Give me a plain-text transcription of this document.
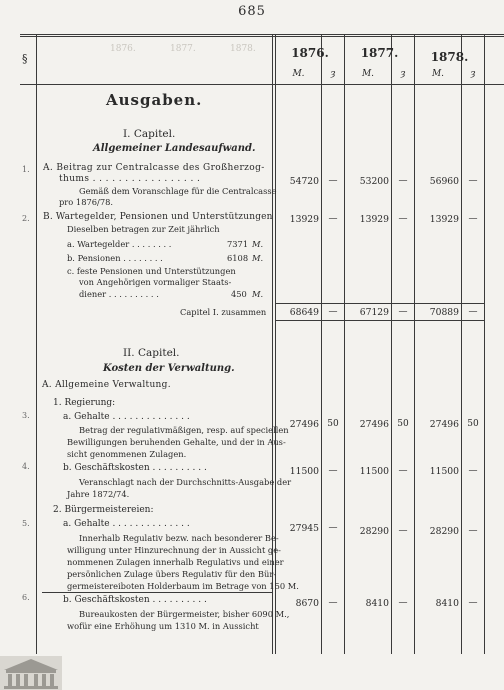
685
§
1876.	1877.	1878.	1876.	1877.	1878.
M.	ȝ	M.	ȝ	M.	ȝ
Ausgaben.
I. Capitel.
Allgemeiner Landesaufwand.
1. A. Beitrag zur Centralcasse des Großherzog-
thums . . . . . . . . . . . . . . . . .
Gemäß dem Voranschlage für die Centralcasse
pro 1876/78.
54720	—	53200	—	56960	—
2. B. Wartegelder, Pensionen und Unterstützungen
Dieselben betragen zur Zeit jährlich
a. Wartegelder . . . . . . . .	7371 M.
b. Pensionen . . . . . . . .	6108 M.
c. feste Pensionen und Unterstützungen
von Angehörigen vormaliger Staats-
diener . . . . . . . . . .	450 M.
13929	—	13929	—	13929	—
Capitel I. zusammen	68649	—	67129	—	70889	—
II. Capitel.
Kosten der Verwaltung.
A. Allgemeine Verwaltung.
1. Regierung:
3.	a. Gehalte . . . . . . . . . . . . . .
Betrag der regulativmäßigen, resp. auf speciellen
Bewilligungen beruhenden Gehalte, und der in Aus-
sicht genommenen Zulagen.
27496 50	27496 50	27496 50
4.	b. Geschäftskosten . . . . . . . . . .
Veranschlagt nach der Durchschnitts-Ausgabe der
Jahre 1872/74.
11500	—	11500	—	11500	—
2. Bürgermeistereien:
5.	a. Gehalte . . . . . . . . . . . . . .
Innerhalb Regulativ bezw. nach besonderer Be-
willigung unter Hinzurechnung der in Aussicht ge-
nommenen Zulagen innerhalb Regulativs und einer
persönlichen Zulage übers Regulativ für den Bür-
germeistereiboten Holderbaum im Betrage von 150 M.
27945	—	28290	—	28290	—
6.	b. Geschäftskosten . . . . . . . . . .
Bureaukosten der Bürgermeister, bisher 6090 M.,
wofür eine Erhöhung um 1310 M. in Aussicht
8670	—	8410	—	8410	—
